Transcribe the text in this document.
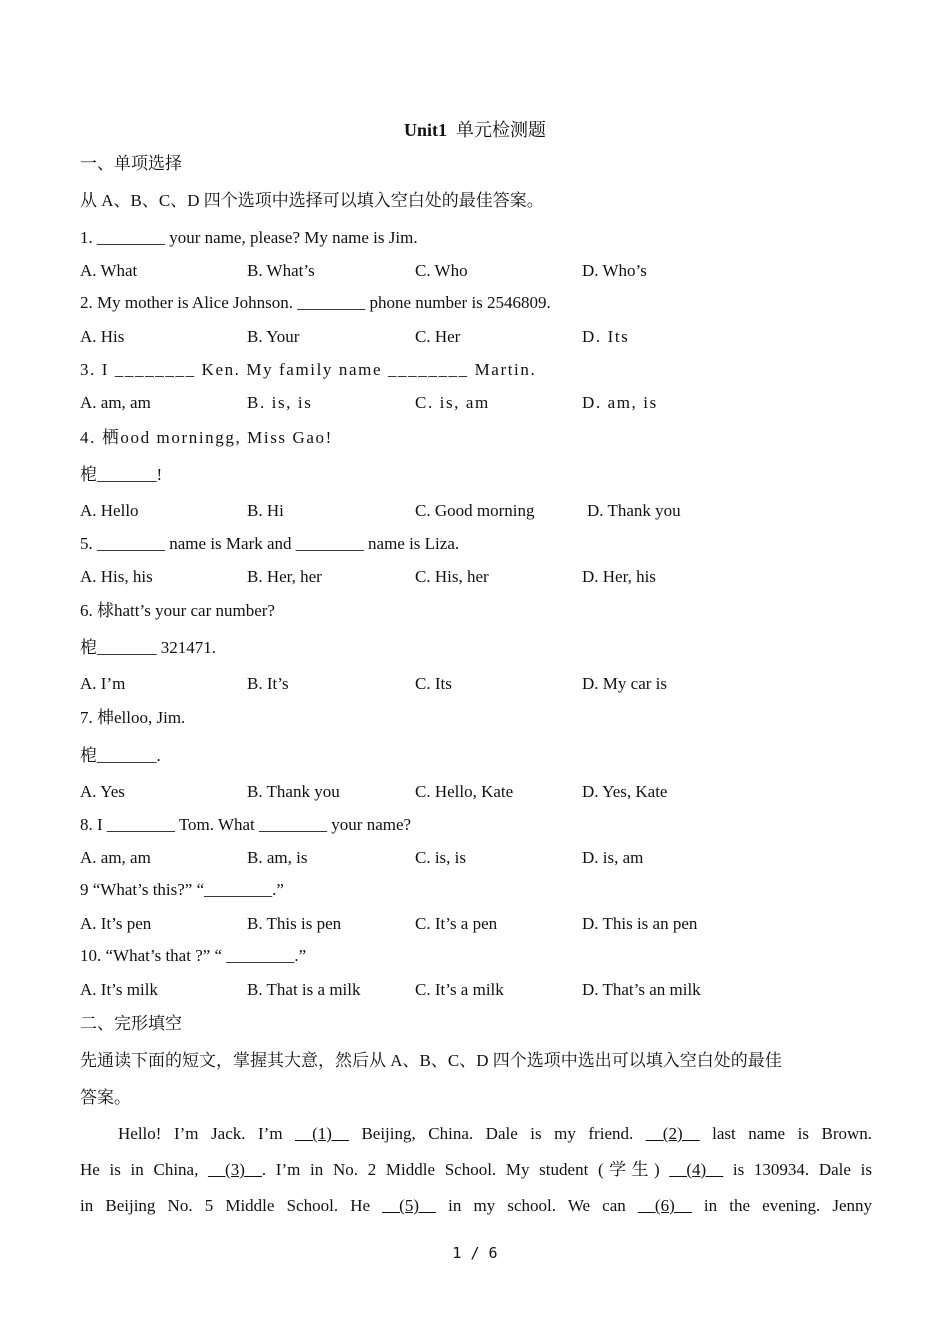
Unit1 单元检测题
一、单项选择
从 A、B、C、D 四个选项中选择可以填入空白处的最佳答案。
1. ________ your name, please? My name is Jim.
A. What	B. What’s	C. Who	D. Who’s
2. My mother is Alice Johnson. ________ phone number is 2546809.
A. His	B. Your	C. Her	D. Its
3. I ________ Ken. My family name ________ Martin.
A. am, am	B. is, is	C. is, am	D. am, is
4. 栖ood morningg, Miss Gao!
梎_______!
A. Hello	B. Hi	C. Good morning	D. Thank you
5. ________ name is Mark and ________ name is Liza.
A. His, his	B. Her, her	C. His, her	D. Her, his
6. 梂hatt’s your car number?
梎_______ 321471.
A. I’m	B. It’s	C. Its	D. My car is
7. 梙elloo, Jim.
梎_______.
A. Yes	B. Thank you	C. Hello, Kate	D. Yes, Kate
8. I ________ Tom. What ________ your name?
A. am, am	B. am, is	C. is, is	D. is, am
9 “What’s this?” “________.”
A. It’s pen	B. This is pen	C. It’s a pen	D. This is an pen
10. “What’s that ?” “ ________.”
A. It’s milk	B. That is a milk	C. It’s a milk	D. That’s an milk
二、完形填空
先通读下面的短文，掌握其大意，然后从 A、B、C、D 四个选项中选出可以填入空白处的最佳
答案。
Hello! I’m Jack. I’m __(1)__ Beijing, China. Dale is my friend. __(2)__ last name is Brown.
He is in China, __(3)__. I’m in No. 2 Middle School. My student (学生) __(4)__ is 130934. Dale is
in Beijing No. 5 Middle School. He __(5)__ in my school. We can __(6)__ in the evening. Jenny
1 / 6
